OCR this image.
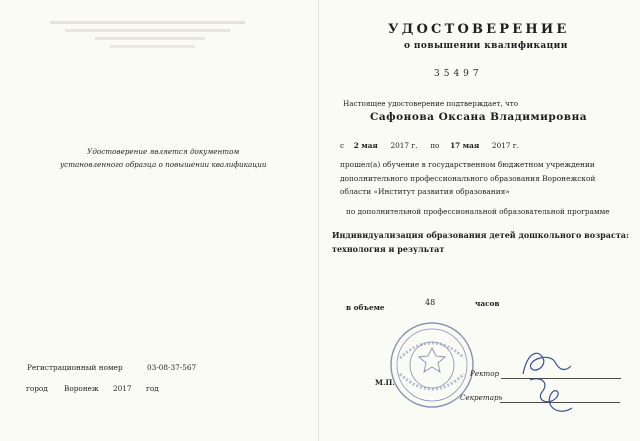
УДОСТОВЕРЕНИЕ
о повышении квалификации
35497
Настоящее удостоверение подтверждает, что
Сафонова Оксана Владимировна
с 2 мая 2017 г. по 17 мая 2017 г.
прошел(а) обучение в государственном бюджетном учреждении
дополнительного профессионального образования Воронежской
области «Институт развития образования»
по дополнительной профессиональной образовательной программе
Индивидуализация образования детей дошкольного возраста:
технология и результат
в объеме
48	часов
Удостоверение является документом
установленного образца о повышении квалификации
Регистрационный номер	03-08-37-567
город Воронеж 2017 год
М.П.
Ректор
Секретарь
